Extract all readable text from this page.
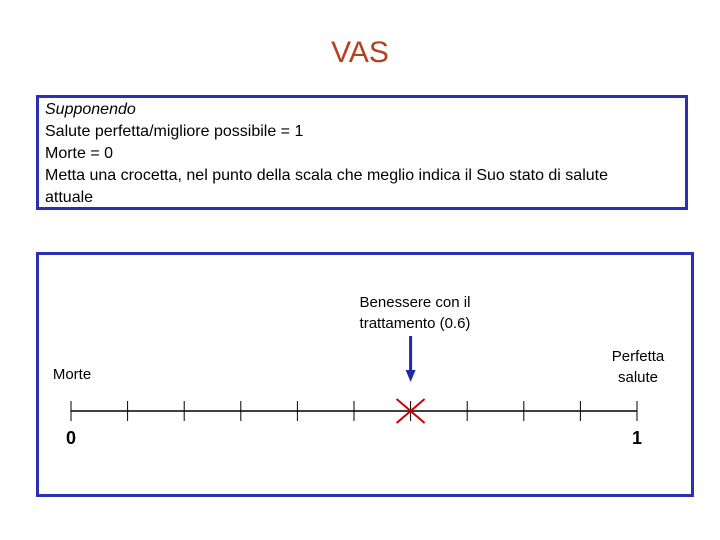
VAS
Supponendo
Salute perfetta/migliore possibile = 1
Morte = 0
Metta una crocetta, nel punto della scala che meglio indica il Suo stato di salute
attuale
Benessere con il
trattamento (0.6)
Morte
Perfetta
salute
0	1
